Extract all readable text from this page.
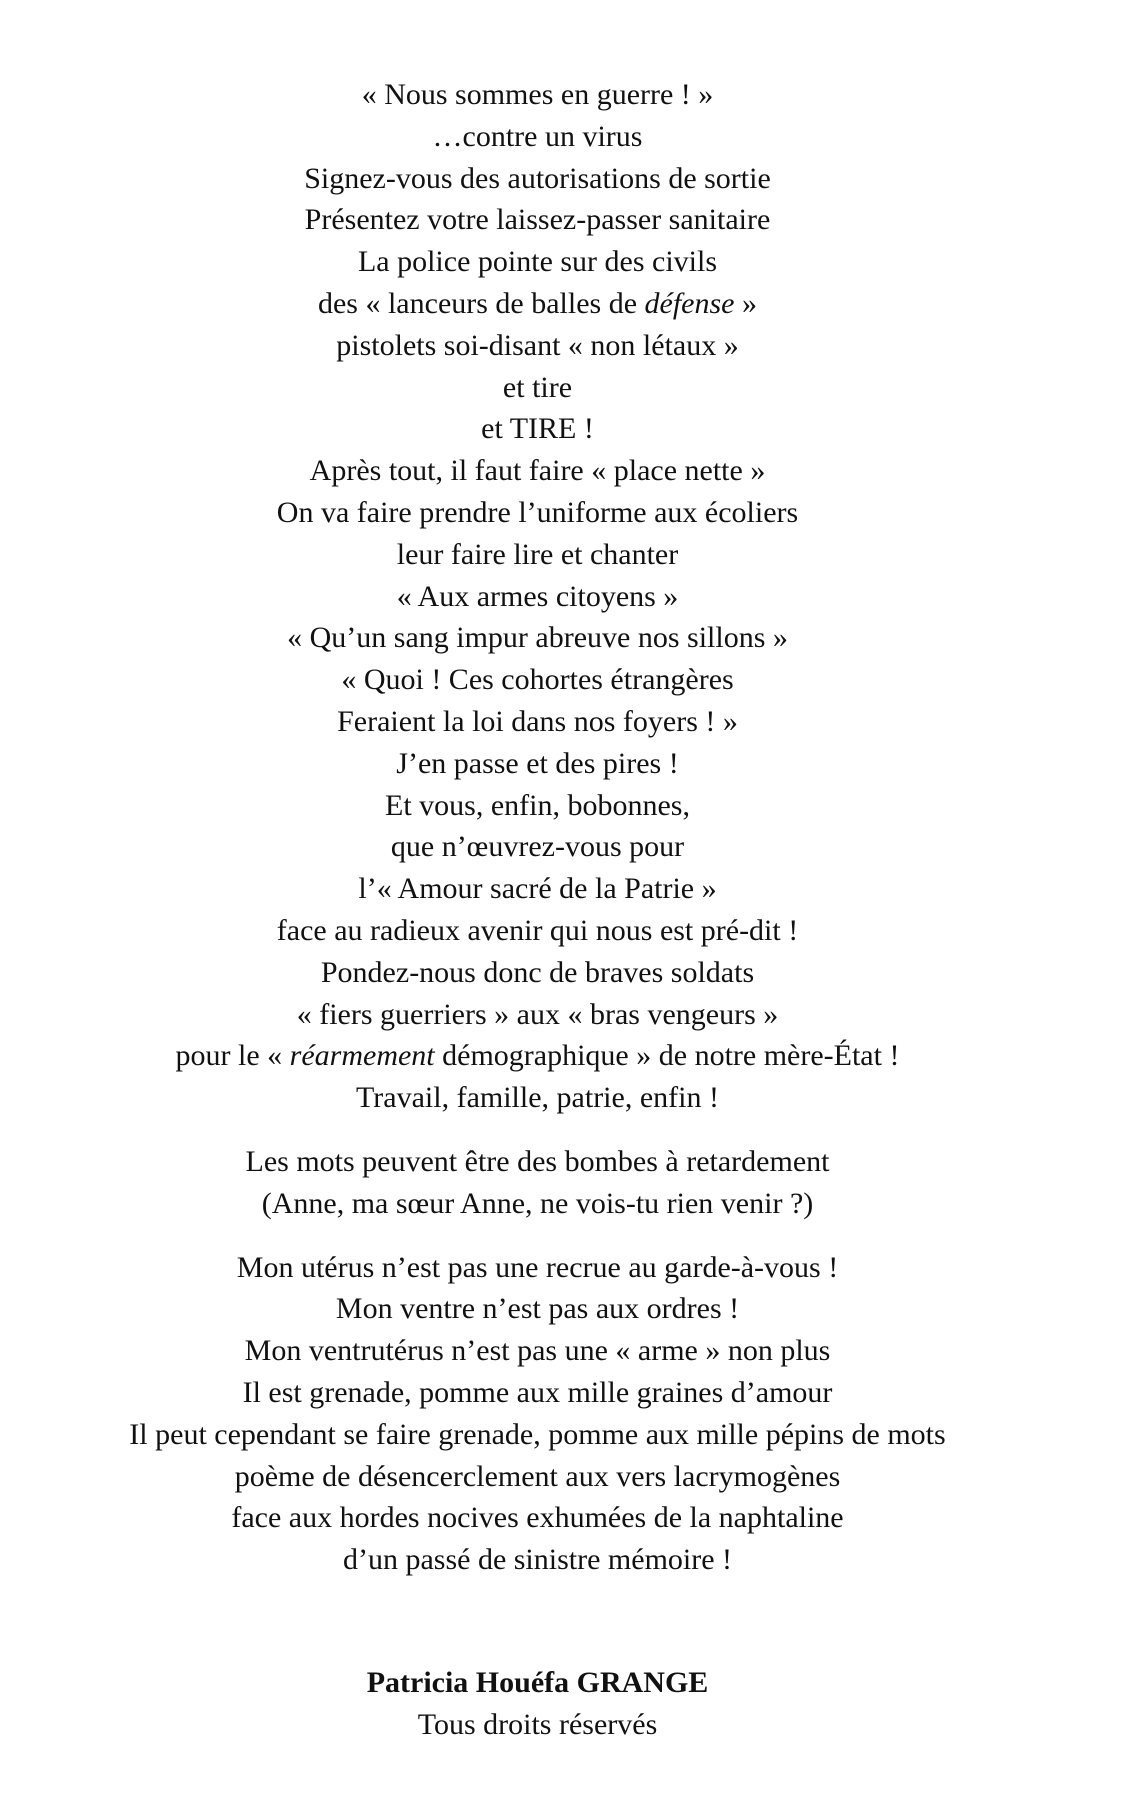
« Nous sommes en guerre ! »
…contre un virus
Signez-vous des autorisations de sortie
Présentez votre laissez-passer sanitaire
La police pointe sur des civils
des « lanceurs de balles de défense »
pistolets soi-disant « non létaux »
et tire
et TIRE !
Après tout, il faut faire « place nette »
On va faire prendre l’uniforme aux écoliers
leur faire lire et chanter
« Aux armes citoyens »
« Qu’un sang impur abreuve nos sillons »
« Quoi ! Ces cohortes étrangères
Feraient la loi dans nos foyers ! »
J’en passe et des pires !
Et vous, enfin, bobonnes,
que n’œuvrez-vous pour
l’« Amour sacré de la Patrie »
face au radieux avenir qui nous est pré-dit !
Pondez-nous donc de braves soldats
« fiers guerriers » aux « bras vengeurs »
pour le « réarmement démographique » de notre mère-État !
Travail, famille, patrie, enfin !

Les mots peuvent être des bombes à retardement
(Anne, ma sœur Anne, ne vois-tu rien venir ?)

Mon utérus n’est pas une recrue au garde-à-vous !
Mon ventre n’est pas aux ordres !
Mon ventrutérus n’est pas une « arme » non plus
Il est grenade, pomme aux mille graines d’amour
Il peut cependant se faire grenade, pomme aux mille pépins de mots
poème de désencerclement aux vers lacrymogènes
face aux hordes nocives exhumées de la naphtaline
d’un passé de sinistre mémoire !

Patricia Houéfa GRANGE
Tous droits réservés
